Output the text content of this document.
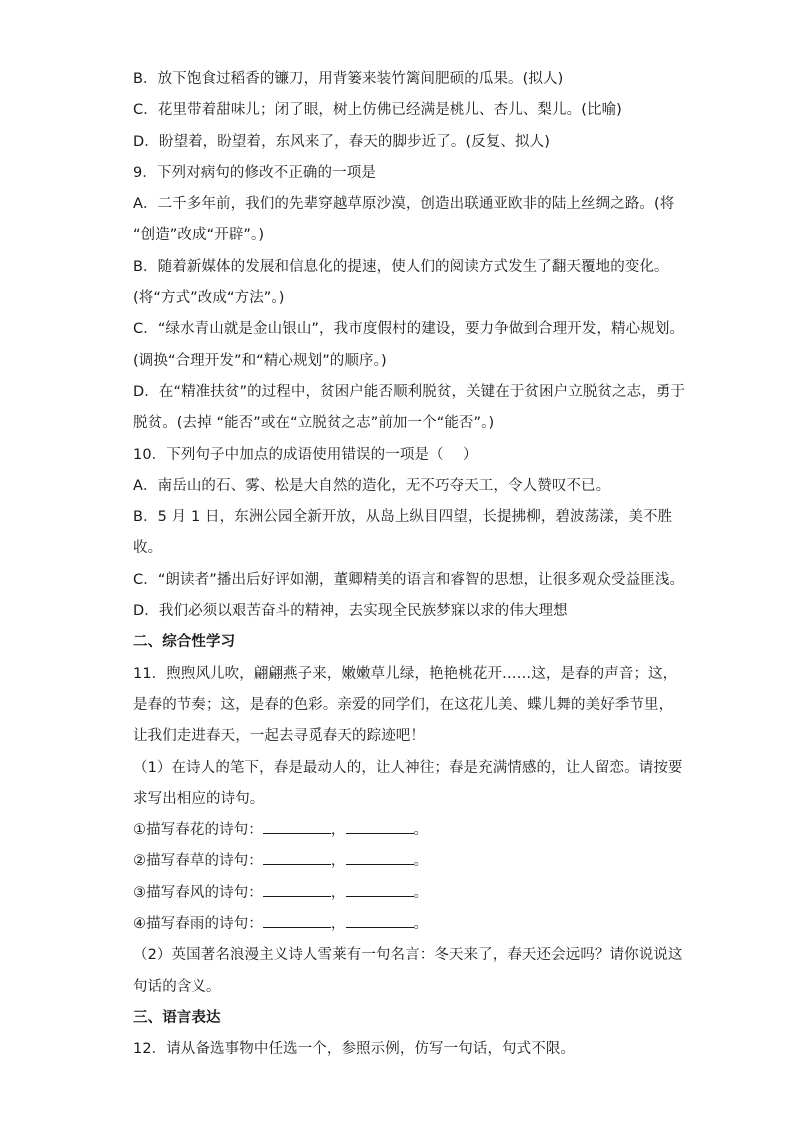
B．放下饱食过稻香的镰刀，用背篓来装竹篱间肥硕的瓜果。(拟人)
C．花里带着甜味儿；闭了眼，树上仿佛已经满是桃儿、杏儿、梨儿。(比喻)
D．盼望着，盼望着，东风来了，春天的脚步近了。(反复、拟人)
9．下列对病句的修改不正确的一项是
A．二千多年前，我们的先辈穿越草原沙漠，创造出联通亚欧非的陆上丝绸之路。(将
“创造”改成“开辟”。)
B．随着新媒体的发展和信息化的提速，使人们的阅读方式发生了翻天覆地的变化。
(将“方式”改成“方法”。)
C．“绿水青山就是金山银山”，我市度假村的建设，要力争做到合理开发，精心规划。
(调换“合理开发”和“精心规划”的顺序。)
D．在“精准扶贫”的过程中，贫困户能否顺利脱贫，关键在于贫困户立脱贫之志，勇于
脱贫。(去掉 “能否”或在“立脱贫之志”前加一个“能否”。)
10．下列句子中加点的成语使用错误的一项是（　 ）
A．南岳山的石、雾、松是大自然的造化，无不巧夺天工，令人赞叹不已。
B．5 月 1 日，东洲公园全新开放，从岛上纵目四望，长提拂柳，碧波荡漾，美不胜
收。
C．“朗读者”播出后好评如潮，董卿精美的语言和睿智的思想，让很多观众受益匪浅。
D．我们必须以艰苦奋斗的精神，去实现全民族梦寐以求的伟大理想
二、综合性学习
11．煦煦风儿吹，翩翩燕子来，嫩嫩草儿绿，艳艳桃花开……这，是春的声音；这，
是春的节奏；这，是春的色彩。亲爱的同学们，在这花儿美、蝶儿舞的美好季节里，
让我们走进春天，一起去寻觅春天的踪迹吧！
（1）在诗人的笔下，春是最动人的，让人神往；春是充满情感的，让人留恋。请按要
求写出相应的诗句。
①描写春花的诗句：	，	。
②描写春草的诗句：	，	。
③描写春风的诗句：	，	。
④描写春雨的诗句：	，	。
（2）英国著名浪漫主义诗人雪莱有一句名言：冬天来了，春天还会远吗？请你说说这
句话的含义。
三、语言表达
12．请从备选事物中任选一个，参照示例，仿写一句话，句式不限。
